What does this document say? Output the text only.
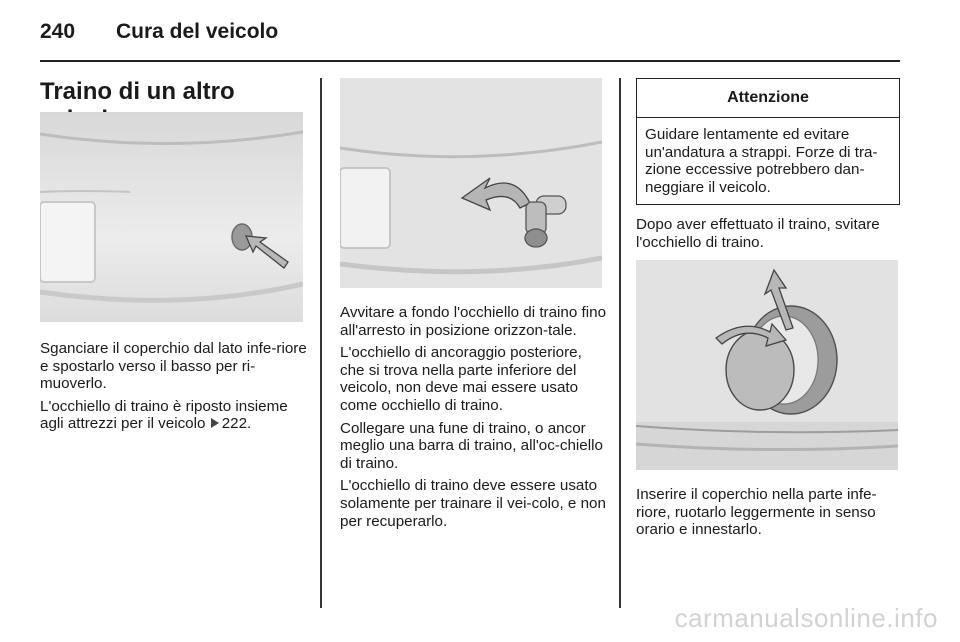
240 Cura del veicolo
Traino di un altro

Sganciare il coperchio dal lato infe-riore e spostarlo verso il basso per ri-muoverlo.

L'occhiello di traino è riposto insieme agli attrezzi per il veicolo 222.

Avvitare a fondo l'occhiello di traino fino all'arresto in posizione orizzon-tale.

L'occhiello di ancoraggio posteriore, che si trova nella parte inferiore del veicolo, non deve mai essere usato come occhiello di traino.

Collegare una fune di traino, o ancor meglio una barra di traino, all'oc-chiello di traino.

L'occhiello di traino deve essere usato solamente per trainare il vei-colo, e non per recuperarlo.

Attenzione
Guidare lentamente ed evitare un'andatura a strappi. Forze di tra-zione eccessive potrebbero dan-neggiare il veicolo.

Dopo aver effettuato il traino, svitare l'occhiello di traino.

Inserire il coperchio nella parte infe-riore, ruotarlo leggermente in senso orario e innestarlo.

carmanualsonline.info
